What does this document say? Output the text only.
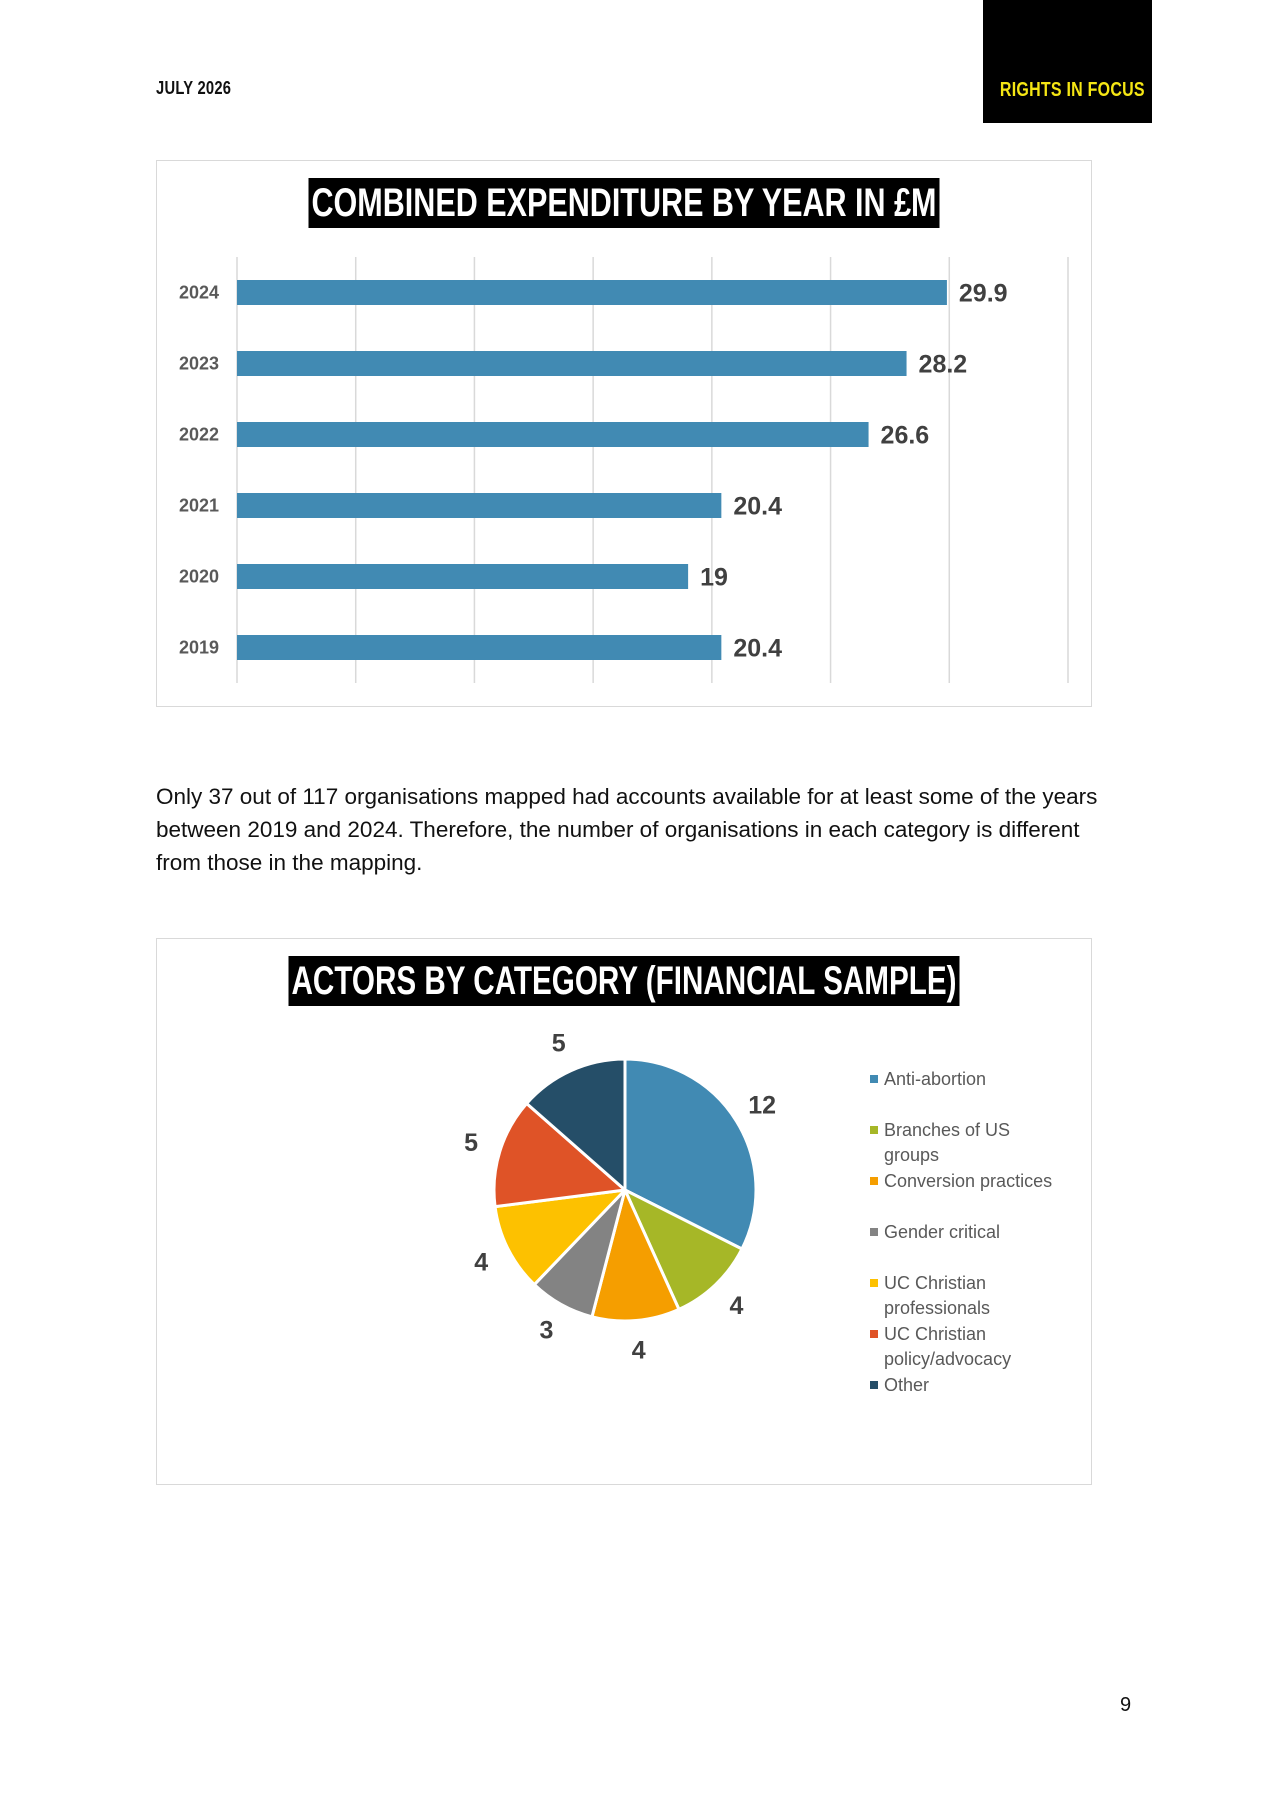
JULY 2026	RIGHTS IN FOCUS
COMBINED EXPENDITURE BY YEAR IN £M
2024	29.9
2023	28.2
2022	26.6
2021	20.4
2020	19
2019	20.4
Only 37 out of 117 organisations mapped had accounts available for at least some of the years between 2019 and 2024. Therefore, the number of organisations in each category is different from those in the mapping.
ACTORS BY CATEGORY (FINANCIAL SAMPLE)
12
4
4
3
4
5
5
Anti-abortion
Branches of US
groups
Conversion practices
Gender critical
UC Christian
professionals
UC Christian
policy/advocacy
Other
9
